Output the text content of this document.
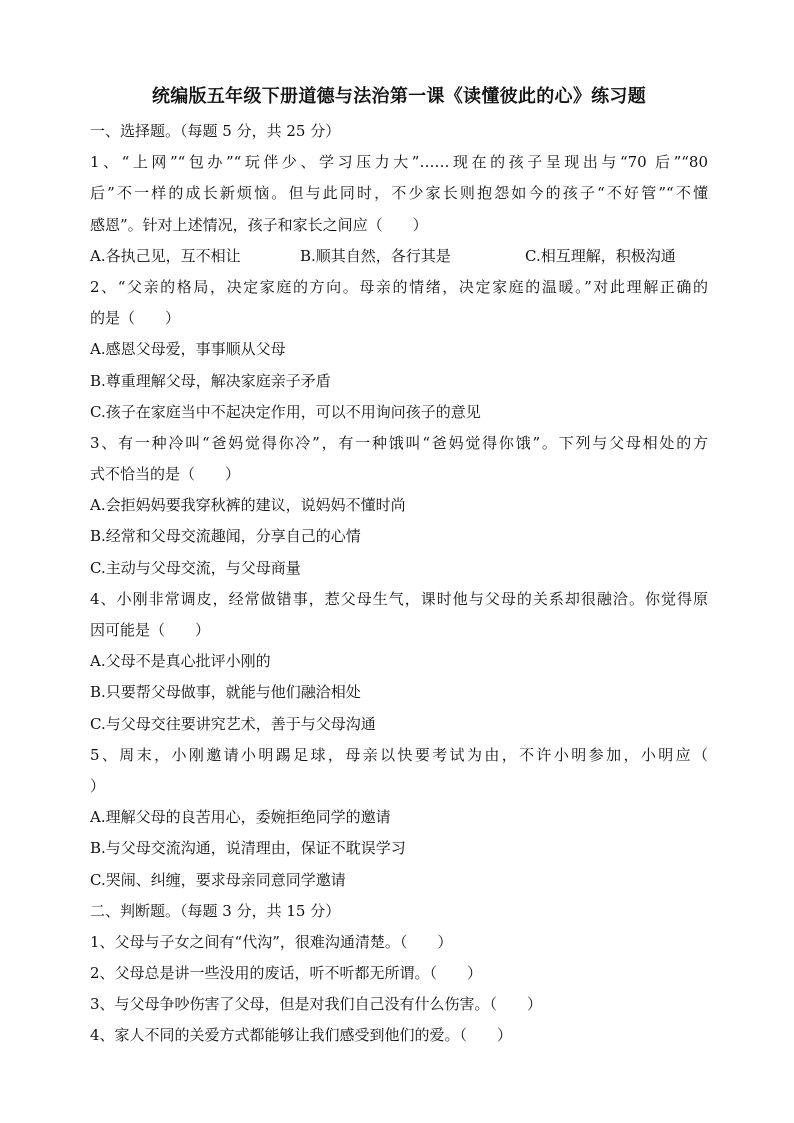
统编版五年级下册道德与法治第一课《读懂彼此的心》练习题
一、选择题。（每题 5 分，共 25 分）
1、“上网”“包办”“玩伴少、学习压力大”……现在的孩子呈现出与“70 后”“80
后”不一样的成长新烦恼。但与此同时，不少家长则抱怨如今的孩子“不好管”“不懂
感恩”。针对上述情况，孩子和家长之间应（　　）
A.各执己见，互不相让	B.顺其自然，各行其是	C.相互理解，积极沟通
2、“父亲的格局，决定家庭的方向。母亲的情绪，决定家庭的温暖。”对此理解正确的
的是（　　）
A.感恩父母爱，事事顺从父母
B.尊重理解父母，解决家庭亲子矛盾
C.孩子在家庭当中不起决定作用，可以不用询问孩子的意见
3、有一种冷叫“爸妈觉得你冷”，有一种饿叫“爸妈觉得你饿”。下列与父母相处的方
式不恰当的是（　　）
A.会拒妈妈要我穿秋裤的建议，说妈妈不懂时尚
B.经常和父母交流趣闻，分享自己的心情
C.主动与父母交流，与父母商量
4、小刚非常调皮，经常做错事，惹父母生气，课时他与父母的关系却很融洽。你觉得原
因可能是（　　）
A.父母不是真心批评小刚的
B.只要帮父母做事，就能与他们融洽相处
C.与父母交往要讲究艺术，善于与父母沟通
5、周末，小刚邀请小明踢足球，母亲以快要考试为由，不许小明参加，小明应（
）
A.理解父母的良苦用心，委婉拒绝同学的邀请
B.与父母交流沟通，说清理由，保证不耽误学习
C.哭闹、纠缠，要求母亲同意同学邀请
二、判断题。（每题 3 分，共 15 分）
1、父母与子女之间有“代沟”，很难沟通清楚。（　　）
2、父母总是讲一些没用的废话，听不听都无所谓。（　　）
3、与父母争吵伤害了父母，但是对我们自己没有什么伤害。（　　）
4、家人不同的关爱方式都能够让我们感受到他们的爱。（　　）
